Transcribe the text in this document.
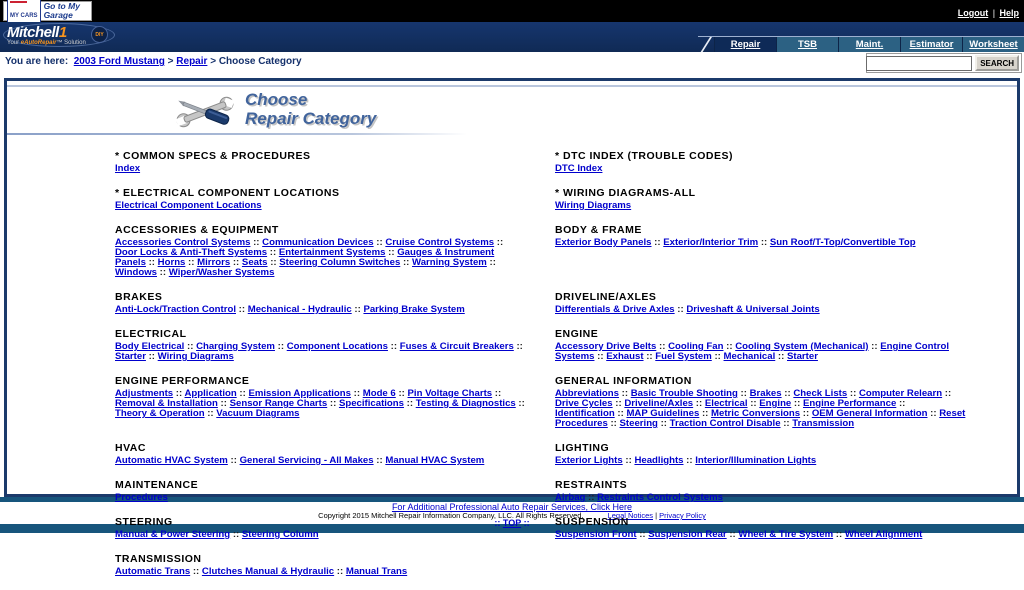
MY CARS
Go to My Garage	Logout | Help
Mitchell1
Your eAutoRepair™ Solution
DIY
Repair	TSB	Maint.	Estimator Worksheet
You are here: 2003 Ford Mustang > Repair > Choose Category	SEARCH
Choose
Repair Category
* COMMON SPECS & PROCEDURES
Index
* DTC INDEX (TROUBLE CODES)
DTC Index
* ELECTRICAL COMPONENT LOCATIONS
Electrical Component Locations
* WIRING DIAGRAMS-ALL
Wiring Diagrams
ACCESSORIES & EQUIPMENT
Accessories Control Systems :: Communication Devices :: Cruise Control Systems :: Door Locks & Anti-Theft Systems :: Entertainment Systems :: Gauges & Instrument Panels :: Horns :: Mirrors :: Seats :: Steering Column Switches :: Warning System :: Windows :: Wiper/Washer Systems
BODY & FRAME
Exterior Body Panels :: Exterior/Interior Trim :: Sun Roof/T-Top/Convertible Top
BRAKES
Anti-Lock/Traction Control :: Mechanical - Hydraulic :: Parking Brake System
DRIVELINE/AXLES
Differentials & Drive Axles :: Driveshaft & Universal Joints
ELECTRICAL
Body Electrical :: Charging System :: Component Locations :: Fuses & Circuit Breakers :: Starter :: Wiring Diagrams
ENGINE
Accessory Drive Belts :: Cooling Fan :: Cooling System (Mechanical) :: Engine Control Systems :: Exhaust :: Fuel System :: Mechanical :: Starter
ENGINE PERFORMANCE
Adjustments :: Application :: Emission Applications :: Mode 6 :: Pin Voltage Charts :: Removal & Installation :: Sensor Range Charts :: Specifications :: Testing & Diagnostics :: Theory & Operation :: Vacuum Diagrams
GENERAL INFORMATION
Abbreviations :: Basic Trouble Shooting :: Brakes :: Check Lists :: Computer Relearn :: Drive Cycles :: Driveline/Axles :: Electrical :: Engine :: Engine Performance :: Identification :: MAP Guidelines :: Metric Conversions :: OEM General Information :: Reset Procedures :: Steering :: Traction Control Disable :: Transmission
HVAC
Automatic HVAC System :: General Servicing - All Makes :: Manual HVAC System
LIGHTING
Exterior Lights :: Headlights :: Interior/Illumination Lights
MAINTENANCE
Procedures
RESTRAINTS
Airbag :: Restraints Control Systems
STEERING
Manual & Power Steering :: Steering Column
SUSPENSION
Suspension Front :: Suspension Rear :: Wheel & Tire System :: Wheel Alignment
TRANSMISSION
Automatic Trans :: Clutches Manual & Hydraulic :: Manual Trans
For Additional Professional Auto Repair Services, Click Here
Copyright 2015 Mitchell Repair Information Company, LLC. All Rights Reserved.	Legal Notices | Privacy Policy
:: TOP ::
